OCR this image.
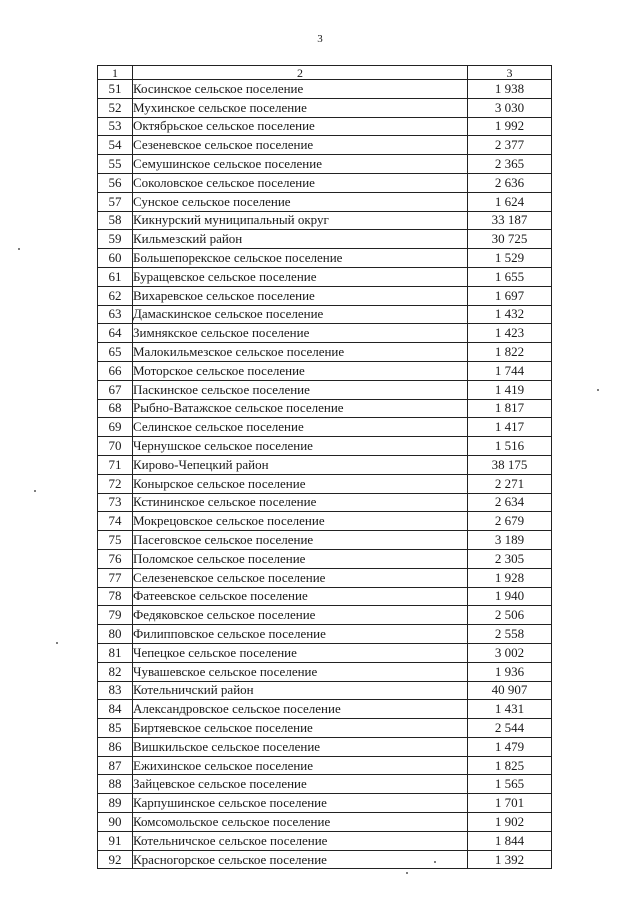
3
1	2	3
51	Косинское сельское поселение	1 938
52	Мухинское сельское поселение	3 030
53	Октябрьское сельское поселение	1 992
54	Сезеневское сельское поселение	2 377
55	Семушинское сельское поселение	2 365
56	Соколовское сельское поселение	2 636
57	Сунское сельское поселение	1 624
58	Кикнурский муниципальный округ	33 187
59	Кильмезский район	30 725
60	Большепорекское сельское поселение	1 529
61	Буращевское сельское поселение	1 655
62	Вихаревское сельское поселение	1 697
63	Дамаскинское сельское поселение	1 432
64	Зимнякское сельское поселение	1 423
65	Малокильмезское сельское поселение	1 822
66	Моторское сельское поселение	1 744
67	Паскинское сельское поселение	1 419
68	Рыбно-Ватажское сельское поселение	1 817
69	Селинское сельское поселение	1 417
70	Чернушское сельское поселение	1 516
71	Кирово-Чепецкий район	38 175
72	Конырское сельское поселение	2 271
73	Кстининское сельское поселение	2 634
74	Мокрецовское сельское поселение	2 679
75	Пасеговское сельское поселение	3 189
76	Поломское сельское поселение	2 305
77	Селезеневское сельское поселение	1 928
78	Фатеевское сельское поселение	1 940
79	Федяковское сельское поселение	2 506
80	Филипповское сельское поселение	2 558
81	Чепецкое сельское поселение	3 002
82	Чувашевское сельское поселение	1 936
83	Котельничский район	40 907
84	Александровское сельское поселение	1 431
85	Биртяевское сельское поселение	2 544
86	Вишкильское сельское поселение	1 479
87	Ежихинское сельское поселение	1 825
88	Зайцевское сельское поселение	1 565
89	Карпушинское сельское поселение	1 701
90	Комсомольское сельское поселение	1 902
91	Котельничское сельское поселение	1 844
92	Красногорское сельское поселение	1 392
